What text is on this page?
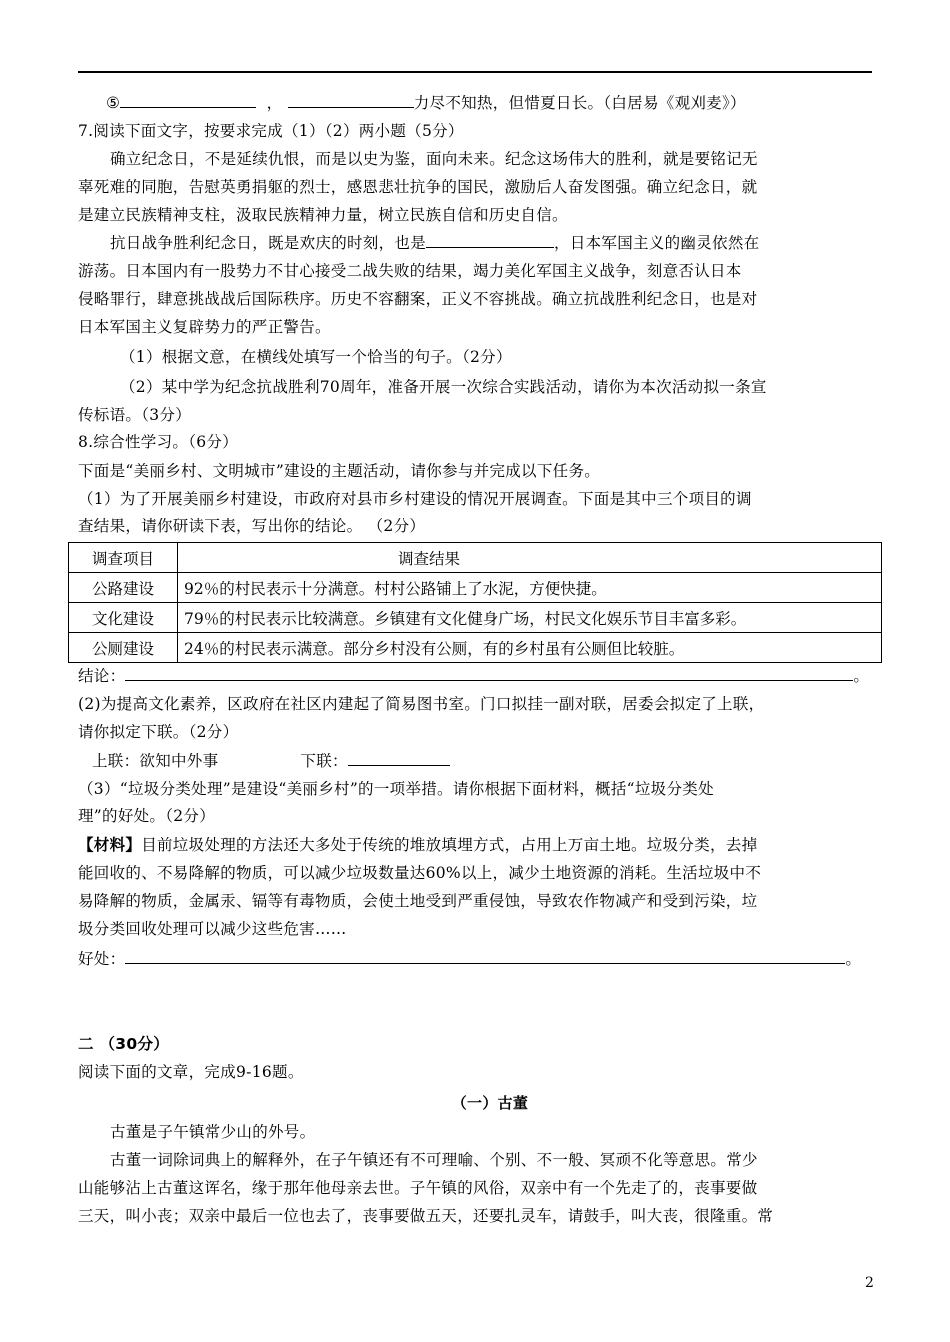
⑤	，	力尽不知热，但惜夏日长。（白居易《观刈麦》）
7.阅读下面文字，按要求完成（1）（2）两小题（5分）
确立纪念日，不是延续仇恨，而是以史为鉴，面向未来。纪念这场伟大的胜利，就是要铭记无
辜死难的同胞，告慰英勇捐躯的烈士，感恩悲壮抗争的国民，激励后人奋发图强。确立纪念日，就
是建立民族精神支柱，汲取民族精神力量，树立民族自信和历史自信。
抗日战争胜利纪念日，既是欢庆的时刻，也是	，日本军国主义的幽灵依然在
游荡。日本国内有一股势力不甘心接受二战失败的结果，竭力美化军国主义战争，刻意否认日本
侵略罪行，肆意挑战战后国际秩序。历史不容翻案，正义不容挑战。确立抗战胜利纪念日，也是对
日本军国主义复辟势力的严正警告。
（1）根据文意，在横线处填写一个恰当的句子。（2分）
（2）某中学为纪念抗战胜利70周年，准备开展一次综合实践活动，请你为本次活动拟一条宣
传标语。（3分）
8.综合性学习。（6分）
下面是“美丽乡村、文明城市”建设的主题活动，请你参与并完成以下任务。
（1）为了开展美丽乡村建设，市政府对县市乡村建设的情况开展调查。下面是其中三个项目的调
查结果，请你研读下表，写出你的结论。 （2分）
调查项目	调查结果
公路建设	92％的村民表示十分满意。村村公路铺上了水泥，方便快捷。
文化建设	79％的村民表示比较满意。乡镇建有文化健身广场，村民文化娱乐节目丰富多彩。
公厕建设	24％的村民表示满意。部分乡村没有公厕，有的乡村虽有公厕但比较脏。
结论：	。
(2)为提高文化素养，区政府在社区内建起了简易图书室。门口拟挂一副对联，居委会拟定了上联，
请你拟定下联。（2分）
上联：欲知中外事	下联：
（3）“垃圾分类处理”是建设“美丽乡村”的一项举措。请你根据下面材料，概括“垃圾分类处
理”的好处。（2分）
【材料】目前垃圾处理的方法还大多处于传统的堆放填埋方式，占用上万亩土地。垃圾分类，去掉
能回收的、不易降解的物质，可以减少垃圾数量达60%以上，减少土地资源的消耗。生活垃圾中不
易降解的物质，金属汞、镉等有毒物质，会使土地受到严重侵蚀，导致农作物减产和受到污染，垃
圾分类回收处理可以减少这些危害……
好处：	。
二 （30分）
阅读下面的文章，完成9-16题。
（一）古董
古董是子午镇常少山的外号。
古董一词除词典上的解释外，在子午镇还有不可理喻、个别、不一般、冥顽不化等意思。常少
山能够沾上古董这诨名，缘于那年他母亲去世。子午镇的风俗，双亲中有一个先走了的，丧事要做
三天，叫小丧；双亲中最后一位也去了，丧事要做五天，还要扎灵车，请鼓手，叫大丧，很隆重。常
2
